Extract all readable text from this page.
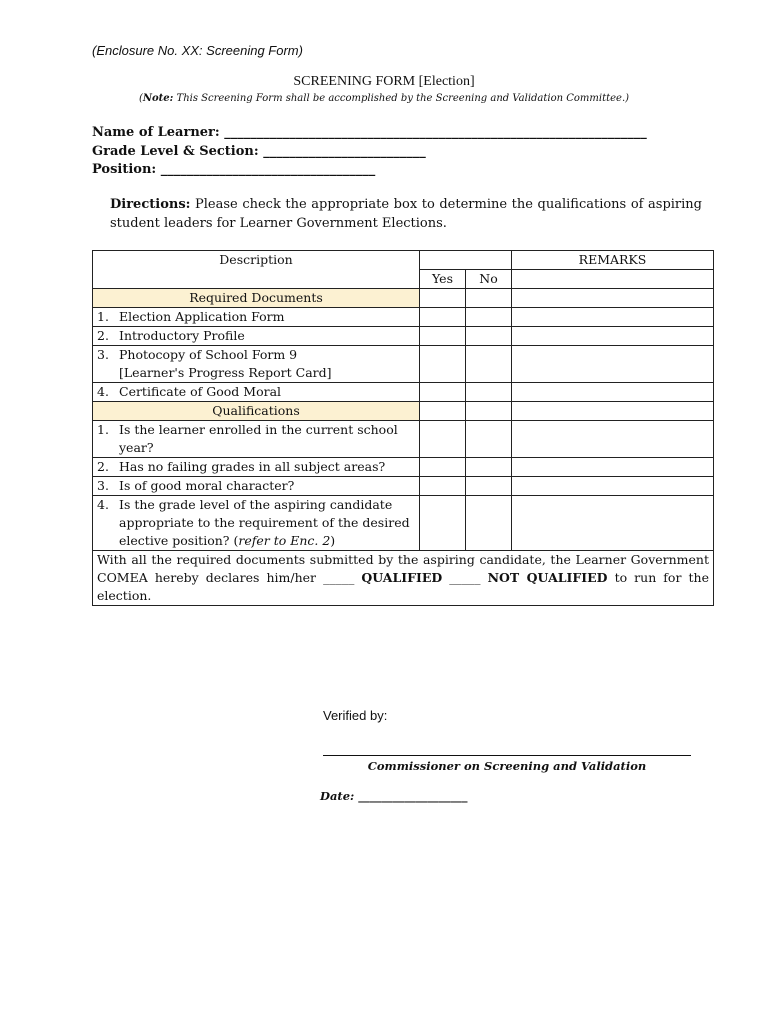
(Enclosure No. XX: Screening Form)
SCREENING FORM [Election]
(Note: This Screening Form shall be accomplished by the Screening and Validation Committee.)
Name of Learner: _________________________________________________________________
Grade Level & Section: _________________________
Position: _________________________________
Directions: Please check the appropriate box to determine the qualifications of aspiring student leaders for Learner Government Elections.
Description			REMARKS
	Yes	No	
Required Documents			

1. Election Application Form			

2. Introductory Profile			

3. Photocopy of School Form 9
[Learner's Progress Report Card]			

4. Certificate of Good Moral			

Qualifications			

1. Is the learner enrolled in the current school year?			

2. Has no failing grades in all subject areas?			

3. Is of good moral character?			

4. Is the grade level of the aspiring candidate appropriate to the requirement of the desired elective position? (refer to Enc. 2)			

With all the required documents submitted by the aspiring candidate, the Learner Government COMEA hereby declares him/her _____ QUALIFIED _____ NOT QUALIFIED to run for the election.			
Verified by:
Commissioner on Screening and Validation
Date: ___________________
